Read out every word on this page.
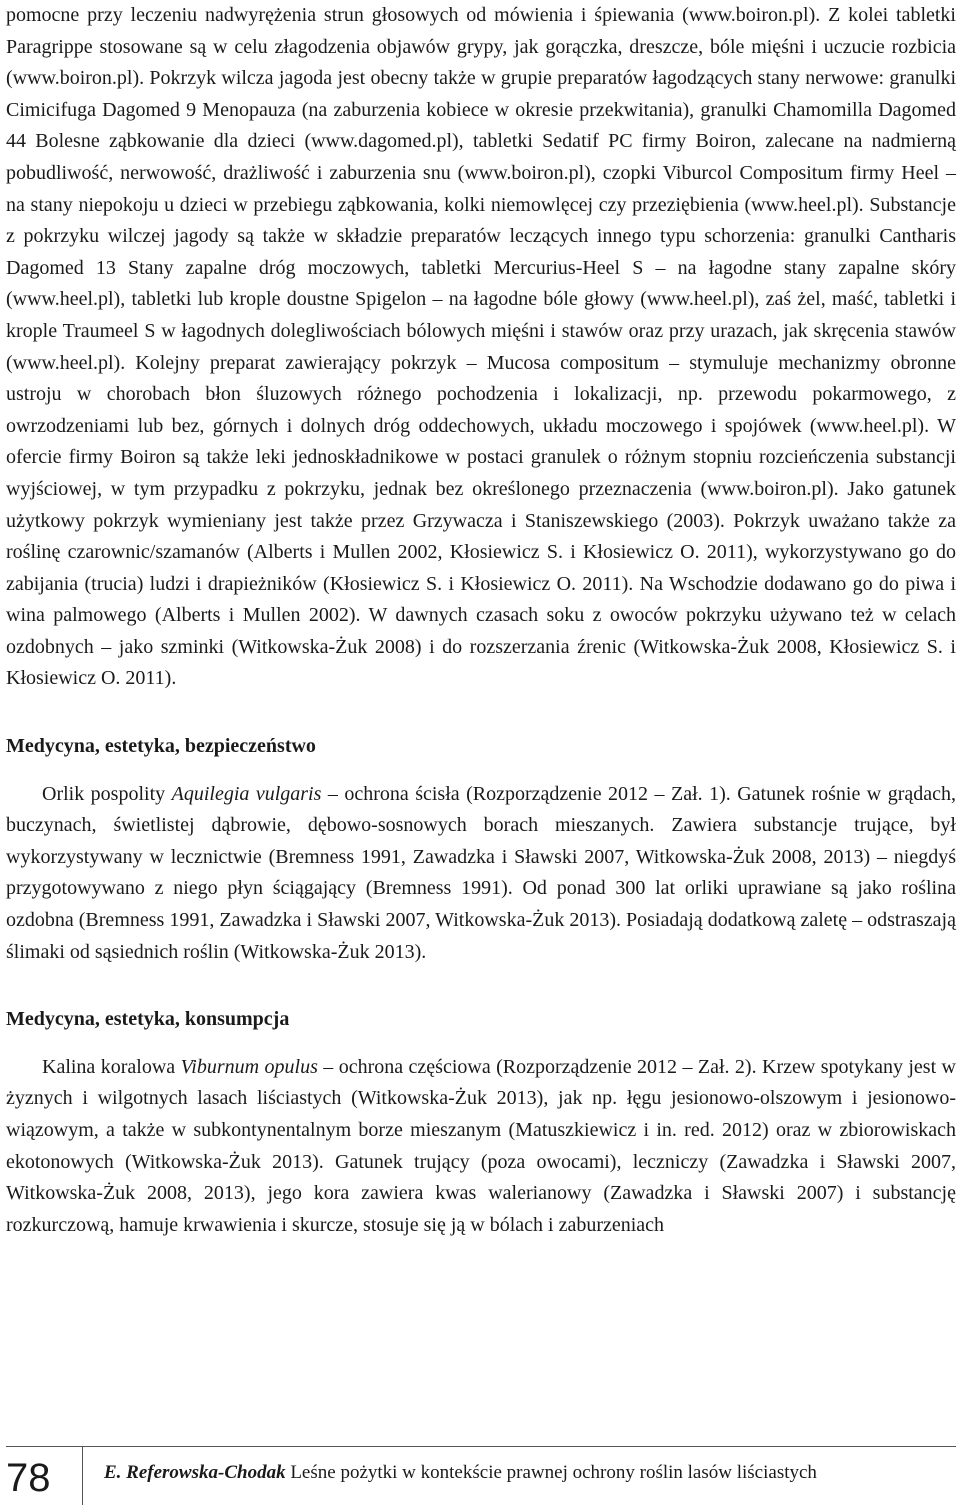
pomocne przy leczeniu nadwyrężenia strun głosowych od mówienia i śpiewania (www.boiron.pl). Z kolei tabletki Paragrippe stosowane są w celu złagodzenia objawów grypy, jak gorączka, dreszcze, bóle mięśni i uczucie rozbicia (www.boiron.pl). Pokrzyk wilcza jagoda jest obecny także w grupie preparatów łagodzących stany nerwowe: granulki Cimicifuga Dagomed 9 Menopauza (na zaburzenia kobiece w okresie przekwitania), granulki Chamomilla Dagomed 44 Bolesne ząbkowanie dla dzieci (www.dagomed.pl), tabletki Sedatif PC firmy Boiron, zalecane na nadmierną pobudliwość, nerwowość, drażliwość i zaburzenia snu (www.boiron.pl), czopki Viburcol Compositum firmy Heel – na stany niepokoju u dzieci w przebiegu ząbkowania, kolki niemowlęcej czy przeziębienia (www.heel.pl). Substancje z pokrzyku wilczej jagody są także w składzie preparatów leczących innego typu schorzenia: granulki Cantharis Dagomed 13 Stany zapalne dróg moczowych, tabletki Mercurius-Heel S – na łagodne stany zapalne skóry (www.heel.pl), tabletki lub krople doustne Spigelon – na łagodne bóle głowy (www.heel.pl), zaś żel, maść, tabletki i krople Traumeel S w łagodnych dolegliwościach bólowych mięśni i stawów oraz przy urazach, jak skręcenia stawów (www.heel.pl). Kolejny preparat zawierający pokrzyk – Mucosa compositum – stymuluje mechanizmy obronne ustroju w chorobach błon śluzowych różnego pochodzenia i lokalizacji, np. przewodu pokarmowego, z owrzodzeniami lub bez, górnych i dolnych dróg oddechowych, układu moczowego i spojówek (www.heel.pl). W ofercie firmy Boiron są także leki jednoskładnikowe w postaci granulek o różnym stopniu rozcieńczenia substancji wyjściowej, w tym przypadku z pokrzyku, jednak bez określonego przeznaczenia (www.boiron.pl). Jako gatunek użytkowy pokrzyk wymieniany jest także przez Grzywacza i Staniszewskiego (2003). Pokrzyk uważano także za roślinę czarownic/szamanów (Alberts i Mullen 2002, Kłosiewicz S. i Kłosiewicz O. 2011), wykorzystywano go do zabijania (trucia) ludzi i drapieżników (Kłosiewicz S. i Kłosiewicz O. 2011). Na Wschodzie dodawano go do piwa i wina palmowego (Alberts i Mullen 2002). W dawnych czasach soku z owoców pokrzyku używano też w celach ozdobnych – jako szminki (Witkowska-Żuk 2008) i do rozszerzania źrenic (Witkowska-Żuk 2008, Kłosiewicz S. i Kłosiewicz O. 2011).

Medycyna, estetyka, bezpieczeństwo

Orlik pospolity Aquilegia vulgaris – ochrona ścisła (Rozporządzenie 2012 – Zał. 1). Gatunek rośnie w grądach, buczynach, świetlistej dąbrowie, dębowo-sosnowych borach mieszanych. Zawiera substancje trujące, był wykorzystywany w lecznictwie (Bremness 1991, Zawadzka i Sławski 2007, Witkowska-Żuk 2008, 2013) – niegdyś przygotowywano z niego płyn ściągający (Bremness 1991). Od ponad 300 lat orliki uprawiane są jako roślina ozdobna (Bremness 1991, Zawadzka i Sławski 2007, Witkowska-Żuk 2013). Posiadają dodatkową zaletę – odstraszają ślimaki od sąsiednich roślin (Witkowska-Żuk 2013).

Medycyna, estetyka, konsumpcja

Kalina koralowa Viburnum opulus – ochrona częściowa (Rozporządzenie 2012 – Zał. 2). Krzew spotykany jest w żyznych i wilgotnych lasach liściastych (Witkowska-Żuk 2013), jak np. łęgu jesionowo-olszowym i jesionowo-wiązowym, a także w subkontynentalnym borze mieszanym (Matuszkiewicz i in. red. 2012) oraz w zbiorowiskach ekotonowych (Witkowska-Żuk 2013). Gatunek trujący (poza owocami), leczniczy (Zawadzka i Sławski 2007, Witkowska-Żuk 2008, 2013), jego kora zawiera kwas walerianowy (Zawadzka i Sławski 2007) i substancję rozkurczową, hamuje krwawienia i skurcze, stosuje się ją w bólach i zaburzeniach

78	E. Referowska-Chodak Leśne pożytki w kontekście prawnej ochrony roślin lasów liściastych
